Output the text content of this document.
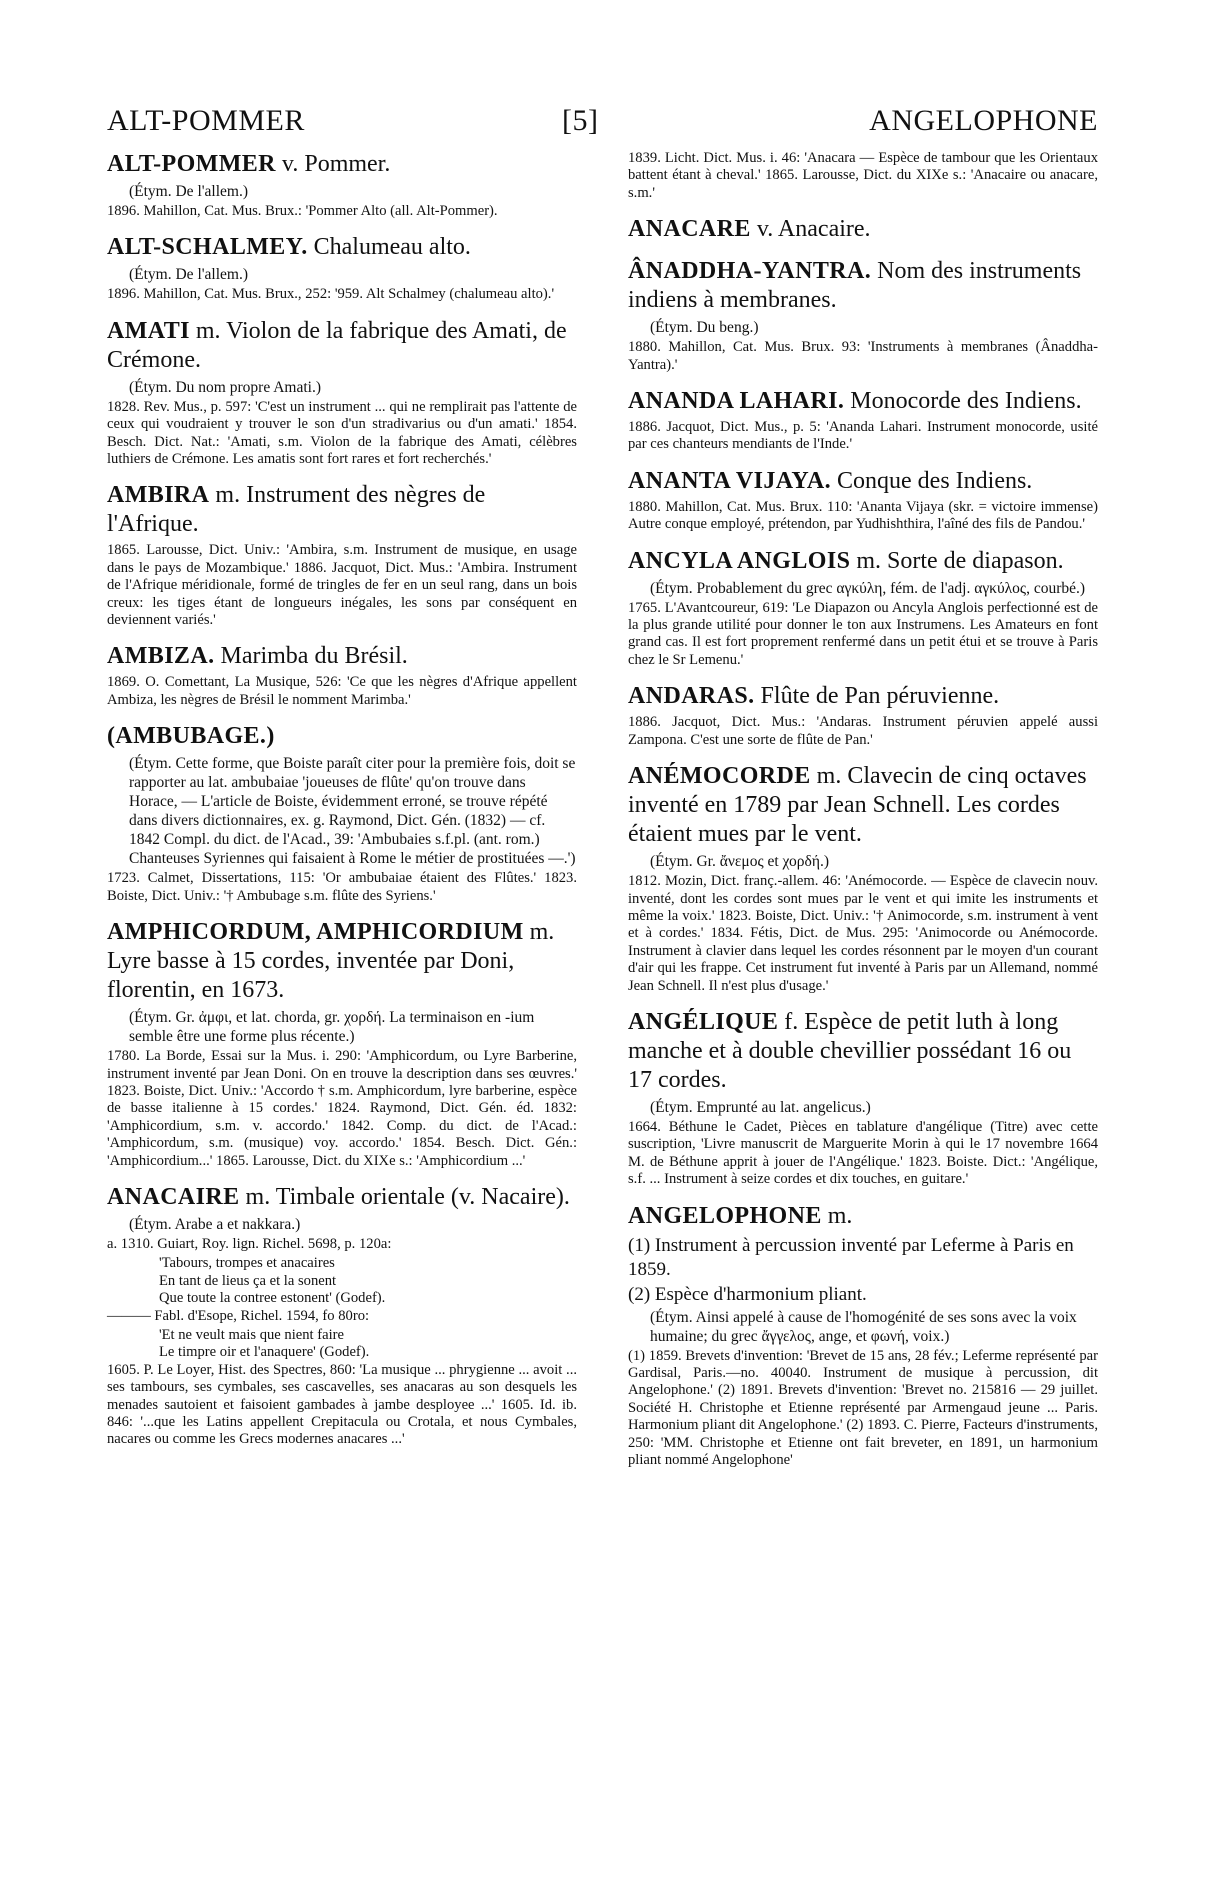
ALT-POMMER	[5]	ANGELOPHONE
ALT-POMMER v. Pommer.
(Étym. De l'allem.)
1896. Mahillon, Cat. Mus. Brux.: 'Pommer Alto (all. Alt-Pommer).
ALT-SCHALMEY. Chalumeau alto.
(Étym. De l'allem.)
1896. Mahillon, Cat. Mus. Brux., 252: '959. Alt Schalmey (chalumeau alto).'
AMATI m. Violon de la fabrique des Amati, de Crémone.
(Étym. Du nom propre Amati.)
1828. Rev. Mus., p. 597: 'C'est un instrument ... qui ne remplirait pas l'attente de ceux qui voudraient y trouver le son d'un stradivarius ou d'un amati.' 1854. Besch. Dict. Nat.: 'Amati, s.m. Violon de la fabrique des Amati, célèbres luthiers de Crémone. Les amatis sont fort rares et fort recherchés.'
AMBIRA m. Instrument des nègres de l'Afrique.
1865. Larousse, Dict. Univ.: 'Ambira, s.m. Instrument de musique, en usage dans le pays de Mozambique.' 1886. Jacquot, Dict. Mus.: 'Ambira. Instrument de l'Afrique méridionale, formé de tringles de fer en un seul rang, dans un bois creux: les tiges étant de longueurs inégales, les sons par conséquent en deviennent variés.'
AMBIZA. Marimba du Brésil.
1869. O. Comettant, La Musique, 526: 'Ce que les nègres d'Afrique appellent Ambiza, les nègres de Brésil le nomment Marimba.'
(AMBUBAGE.)
(Étym. Cette forme, que Boiste paraît citer pour la première fois, doit se rapporter au lat. ambubaiae 'joueuses de flûte' qu'on trouve dans Horace, — L'article de Boiste, évidemment erroné, se trouve répété dans divers dictionnaires, ex. g. Raymond, Dict. Gén. (1832) — cf. 1842 Compl. du dict. de l'Acad., 39: 'Ambubaies s.f.pl. (ant. rom.) Chanteuses Syriennes qui faisaient à Rome le métier de prostituées —.')
1723. Calmet, Dissertations, 115: 'Or ambubaiae étaient des Flûtes.' 1823. Boiste, Dict. Univ.: '† Ambubage s.m. flûte des Syriens.'
AMPHICORDUM, AMPHICORDIUM m. Lyre basse à 15 cordes, inventée par Doni, florentin, en 1673.
(Étym. Gr. ἀμφι, et lat. chorda, gr. χορδή. La terminaison en -ium semble être une forme plus récente.)
1780. La Borde, Essai sur la Mus. i. 290: 'Amphicordum, ou Lyre Barberine, instrument inventé par Jean Doni. On en trouve la description dans ses œuvres.' 1823. Boiste, Dict. Univ.: 'Accordo † s.m. Amphicordum, lyre barberine, espèce de basse italienne à 15 cordes.' 1824. Raymond, Dict. Gén. éd. 1832: 'Amphicordium, s.m. v. accordo.' 1842. Comp. du dict. de l'Acad.: 'Amphicordum, s.m. (musique) voy. accordo.' 1854. Besch. Dict. Gén.: 'Amphicordium...' 1865. Larousse, Dict. du XIXe s.: 'Amphicordium ...'
ANACAIRE m. Timbale orientale (v. Nacaire).
(Étym. Arabe a et nakkara.)
a. 1310. Guiart, Roy. lign. Richel. 5698, p. 120a:
'Tabours, trompes et anacaires
En tant de lieus ça et la sonent
Que toute la contree estonent' (Godef).
——— Fabl. d'Esope, Richel. 1594, fo 80ro:
'Et ne veult mais que nient faire
Le timpre oir et l'anaquere' (Godef).
1605. P. Le Loyer, Hist. des Spectres, 860: 'La musique ... phrygienne ... avoit ... ses tambours, ses cymbales, ses cascavelles, ses anacaras au son desquels les menades sautoient et faisoient gambades à jambe desployee ...' 1605. Id. ib. 846: '...que les Latins appellent Crepitacula ou Crotala, et nous Cymbales, nacares ou comme les Grecs modernes anacares ...'
1839. Licht. Dict. Mus. i. 46: 'Anacara — Espèce de tambour que les Orientaux battent étant à cheval.' 1865. Larousse, Dict. du XIXe s.: 'Anacaire ou anacare, s.m.'
ANACARE v. Anacaire.
ÂNADDHA-YANTRA. Nom des instruments indiens à membranes.
(Étym. Du beng.)
1880. Mahillon, Cat. Mus. Brux. 93: 'Instruments à membranes (Ânaddha-Yantra).'
ANANDA LAHARI. Monocorde des Indiens.
1886. Jacquot, Dict. Mus., p. 5: 'Ananda Lahari. Instrument monocorde, usité par ces chanteurs mendiants de l'Inde.'
ANANTA VIJAYA. Conque des Indiens.
1880. Mahillon, Cat. Mus. Brux. 110: 'Ananta Vijaya (skr. = victoire immense) Autre conque employé, prétendon, par Yudhishthira, l'aîné des fils de Pandou.'
ANCYLA ANGLOIS m. Sorte de diapason.
(Étym. Probablement du grec αγκύλη, fém. de l'adj. αγκύλος, courbé.)
1765. L'Avantcoureur, 619: 'Le Diapazon ou Ancyla Anglois perfectionné est de la plus grande utilité pour donner le ton aux Instrumens. Les Amateurs en font grand cas. Il est fort proprement renfermé dans un petit étui et se trouve à Paris chez le Sr Lemenu.'
ANDARAS. Flûte de Pan péruvienne.
1886. Jacquot, Dict. Mus.: 'Andaras. Instrument péruvien appelé aussi Zampona. C'est une sorte de flûte de Pan.'
ANÉMOCORDE m. Clavecin de cinq octaves inventé en 1789 par Jean Schnell. Les cordes étaient mues par le vent.
(Étym. Gr. ἄνεμος et χορδή.)
1812. Mozin, Dict. franç.-allem. 46: 'Anémocorde. — Espèce de clavecin nouv. inventé, dont les cordes sont mues par le vent et qui imite les instruments et même la voix.' 1823. Boiste, Dict. Univ.: '† Animocorde, s.m. instrument à vent et à cordes.' 1834. Fétis, Dict. de Mus. 295: 'Animocorde ou Anémocorde. Instrument à clavier dans lequel les cordes résonnent par le moyen d'un courant d'air qui les frappe. Cet instrument fut inventé à Paris par un Allemand, nommé Jean Schnell. Il n'est plus d'usage.'
ANGÉLIQUE f. Espèce de petit luth à long manche et à double chevillier possédant 16 ou 17 cordes.
(Étym. Emprunté au lat. angelicus.)
1664. Béthune le Cadet, Pièces en tablature d'angélique (Titre) avec cette suscription, 'Livre manuscrit de Marguerite Morin à qui le 17 novembre 1664 M. de Béthune apprit à jouer de l'Angélique.' 1823. Boiste. Dict.: 'Angélique, s.f. ... Instrument à seize cordes et dix touches, en guitare.'
ANGELOPHONE m.
(1) Instrument à percussion inventé par Leferme à Paris en 1859.
(2) Espèce d'harmonium pliant.
(Étym. Ainsi appelé à cause de l'homogénité de ses sons avec la voix humaine; du grec ἄγγελος, ange, et φωνή, voix.)
(1) 1859. Brevets d'invention: 'Brevet de 15 ans, 28 fév.; Leferme représenté par Gardisal, Paris.—no. 40040. Instrument de musique à percussion, dit Angelophone.' (2) 1891. Brevets d'invention: 'Brevet no. 215816 — 29 juillet. Société H. Christophe et Etienne représenté par Armengaud jeune ... Paris. Harmonium pliant dit Angelophone.' (2) 1893. C. Pierre, Facteurs d'instruments, 250: 'MM. Christophe et Etienne ont fait breveter, en 1891, un harmonium pliant nommé Angelophone'
